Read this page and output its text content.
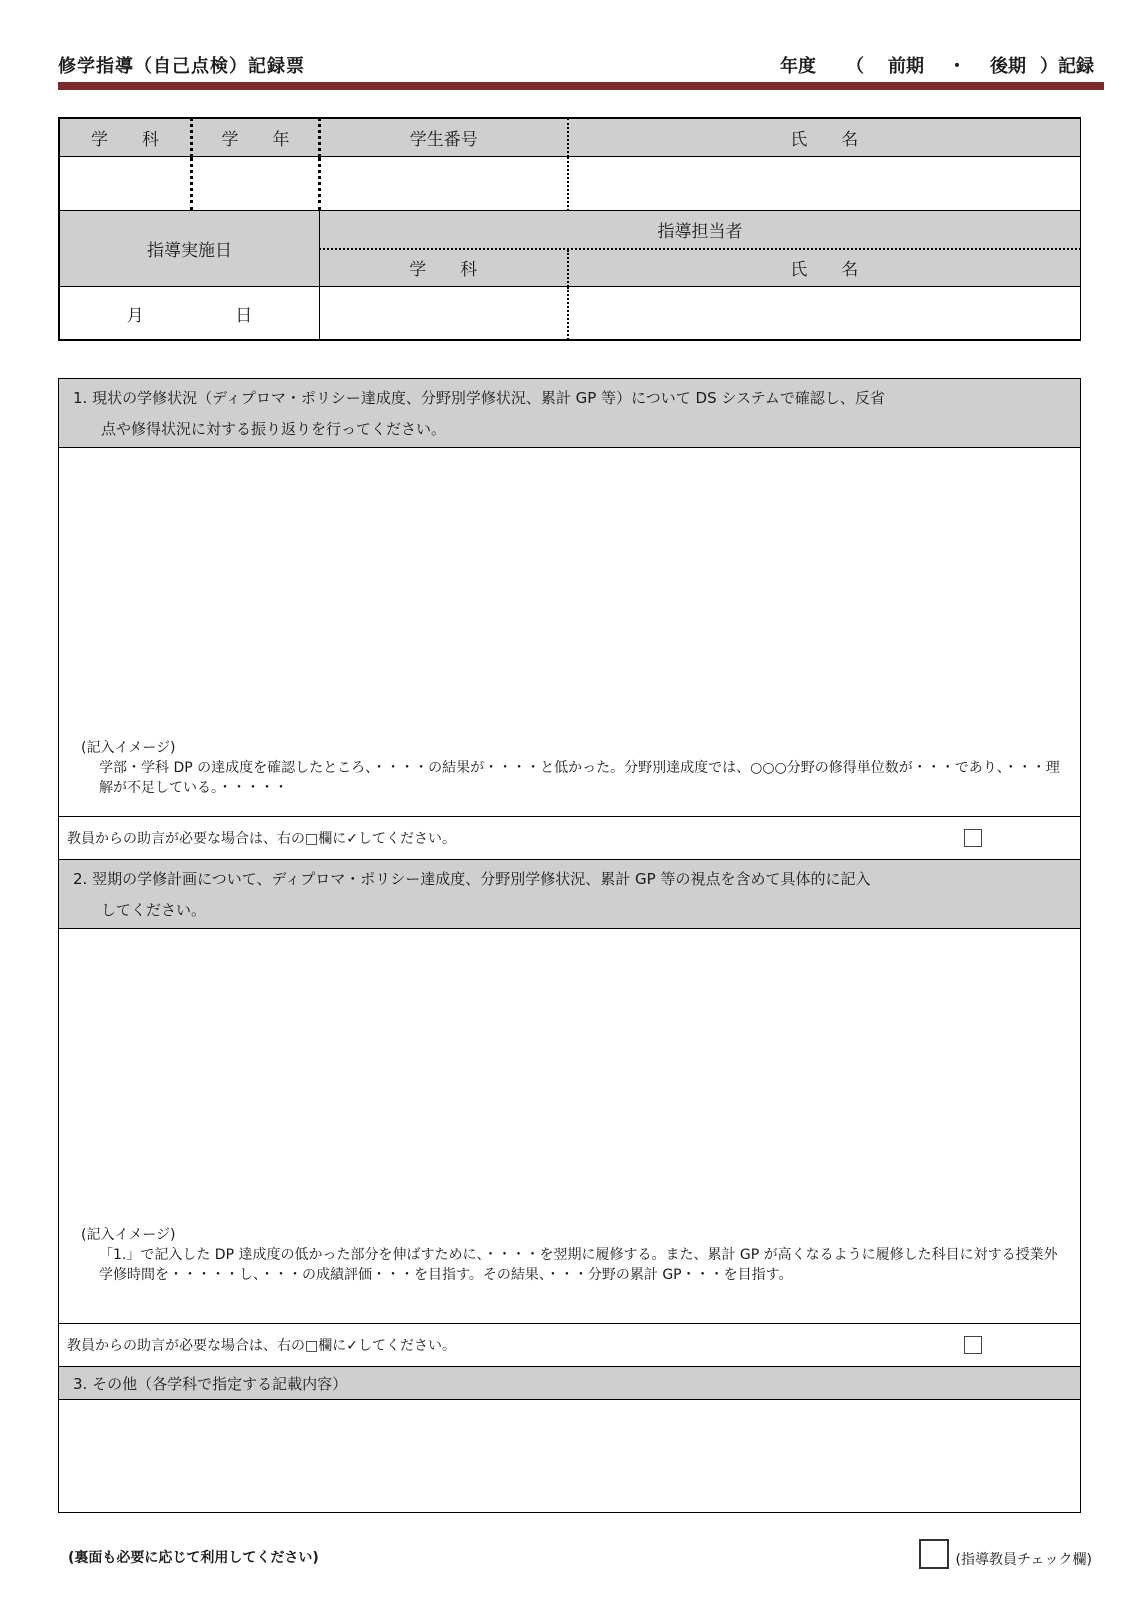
修学指導（自己点検）記録票	年度 （ 前期 ・ 後期 ）記録
学　　科	学　　年	学生番号	氏　　名

指導実施日		指導担当者	
		学　　科	氏　　名
月 日			
1. 現状の学修状況（ディプロマ・ポリシー達成度、分野別学修状況、累計 GP 等）について DS システムで確認し、反省
点や修得状況に対する振り返りを行ってください。
(記入イメージ)
学部・学科 DP の達成度を確認したところ、・・・・の結果が・・・・と低かった。分野別達成度では、○○○分野の修得単位数が・・・であり、・・・理解が不足している。・・・・・
教員からの助言が必要な場合は、右の□欄に✓してください。
2. 翌期の学修計画について、ディプロマ・ポリシー達成度、分野別学修状況、累計 GP 等の視点を含めて具体的に記入
してください。
(記入イメージ)
「1.」で記入した DP 達成度の低かった部分を伸ばすために、・・・・を翌期に履修する。また、累計 GP が高くなるように履修した科目に対する授業外学修時間を・・・・・し、・・・の成績評価・・・を目指す。その結果、・・・分野の累計 GP・・・を目指す。
教員からの助言が必要な場合は、右の□欄に✓してください。
3. その他（各学科で指定する記載内容）
(裏面も必要に応じて利用してください)	(指導教員チェック欄)
